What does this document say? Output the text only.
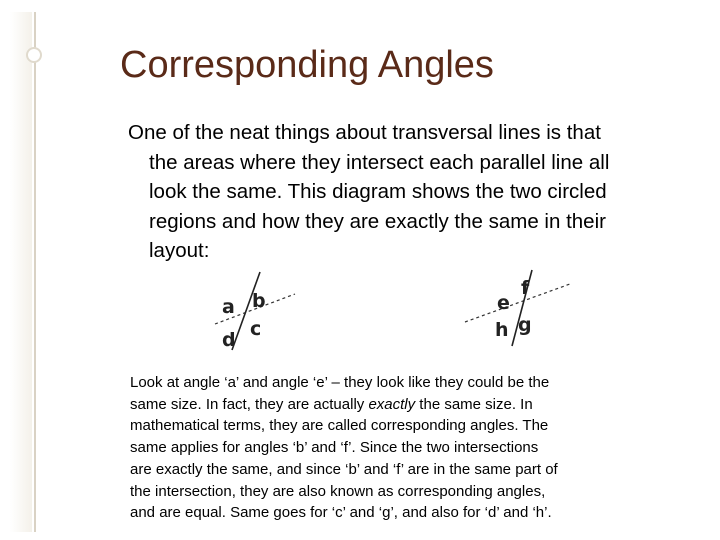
Corresponding Angles
One of the neat things about transversal lines is that
the areas where they intersect each parallel line all
look the same. This diagram shows the two circled
regions and how they are exactly the same in their
layout:
a b
c
d
e
f
g
h
Look at angle ‘a’ and angle ‘e’ – they look like they could be the
same size. In fact, they are actually exactly the same size. In
mathematical terms, they are called corresponding angles. The
same applies for angles ‘b’ and ‘f’. Since the two intersections
are exactly the same, and since ‘b’ and ‘f’ are in the same part of
the intersection, they are also known as corresponding angles,
and are equal. Same goes for ‘c’ and ‘g’, and also for ‘d’ and ‘h’.
